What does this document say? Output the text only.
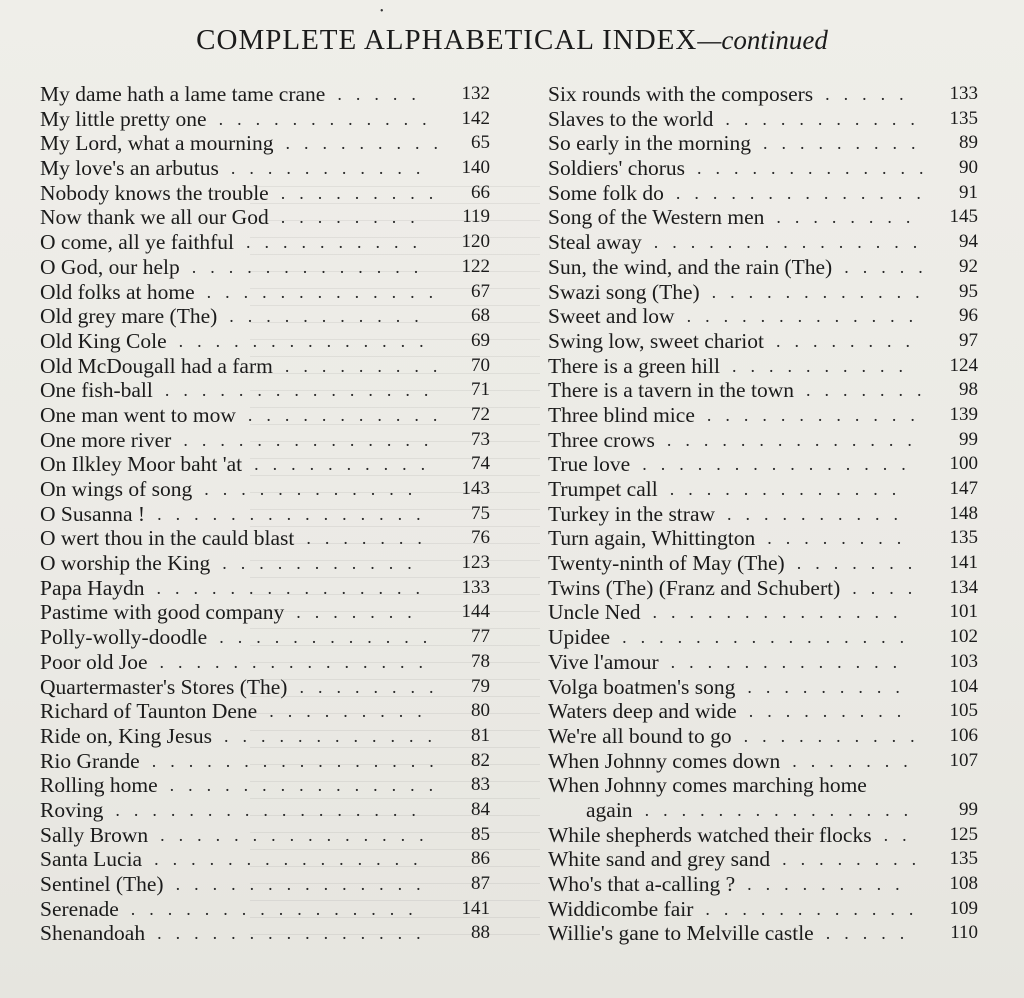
•
COMPLETE ALPHABETICAL INDEX—continued
My dame hath a lame tame crane ..... 132
My little pretty one ............ 142
My Lord, what a mourning ......... 65
My love's an arbutus ........... 140
Nobody knows the trouble ......... 66
Now thank we all our God ........ 119
O come, all ye faithful .......... 120
O God, our help ............. 122
Old folks at home ............. 67
Old grey mare (The) ........... 68
Old King Cole .............. 69
Old McDougall had a farm ......... 70
One fish-ball ............... 71
One man went to mow ........... 72
One more river .............. 73
On Ilkley Moor baht 'at .......... 74
On wings of song ............ 143
O Susanna ! ............... 75
O wert thou in the cauld blast ....... 76
O worship the King ........... 123
Papa Haydn ............... 133
Pastime with good company ....... 144
Polly-wolly-doodle ............ 77
Poor old Joe ............... 78
Quartermaster's Stores (The) ........ 79
Richard of Taunton Dene ......... 80
Ride on, King Jesus ............ 81
Rio Grande ................ 82
Rolling home ............... 83
Roving ................. 84
Sally Brown ............... 85
Santa Lucia ............... 86
Sentinel (The) .............. 87
Serenade ................ 141
Shenandoah ............... 88
Six rounds with the composers ..... 133
Slaves to the world ........... 135
So early in the morning ......... 89
Soldiers' chorus ............. 90
Some folk do .............. 91
Song of the Western men ........ 145
Steal away ............... 94
Sun, the wind, and the rain (The) ..... 92
Swazi song (The) ............ 95
Sweet and low ............. 96
Swing low, sweet chariot ........ 97
There is a green hill .......... 124
There is a tavern in the town ....... 98
Three blind mice ............ 139
Three crows .............. 99
True love ............... 100
Trumpet call ............. 147
Turkey in the straw .......... 148
Turn again, Whittington ........ 135
Twenty-ninth of May (The) ....... 141
Twins (The) (Franz and Schubert) .... 134
Uncle Ned .............. 101
Upidee ................ 102
Vive l'amour ............. 103
Volga boatmen's song ......... 104
Waters deep and wide ......... 105
We're all bound to go .......... 106
When Johnny comes down ....... 107
When Johnny comes marching home
again ............... 99
While shepherds watched their flocks .. 125
White sand and grey sand ........ 135
Who's that a-calling ? ......... 108
Widdicombe fair ............ 109
Willie's gane to Melville castle ..... 110
